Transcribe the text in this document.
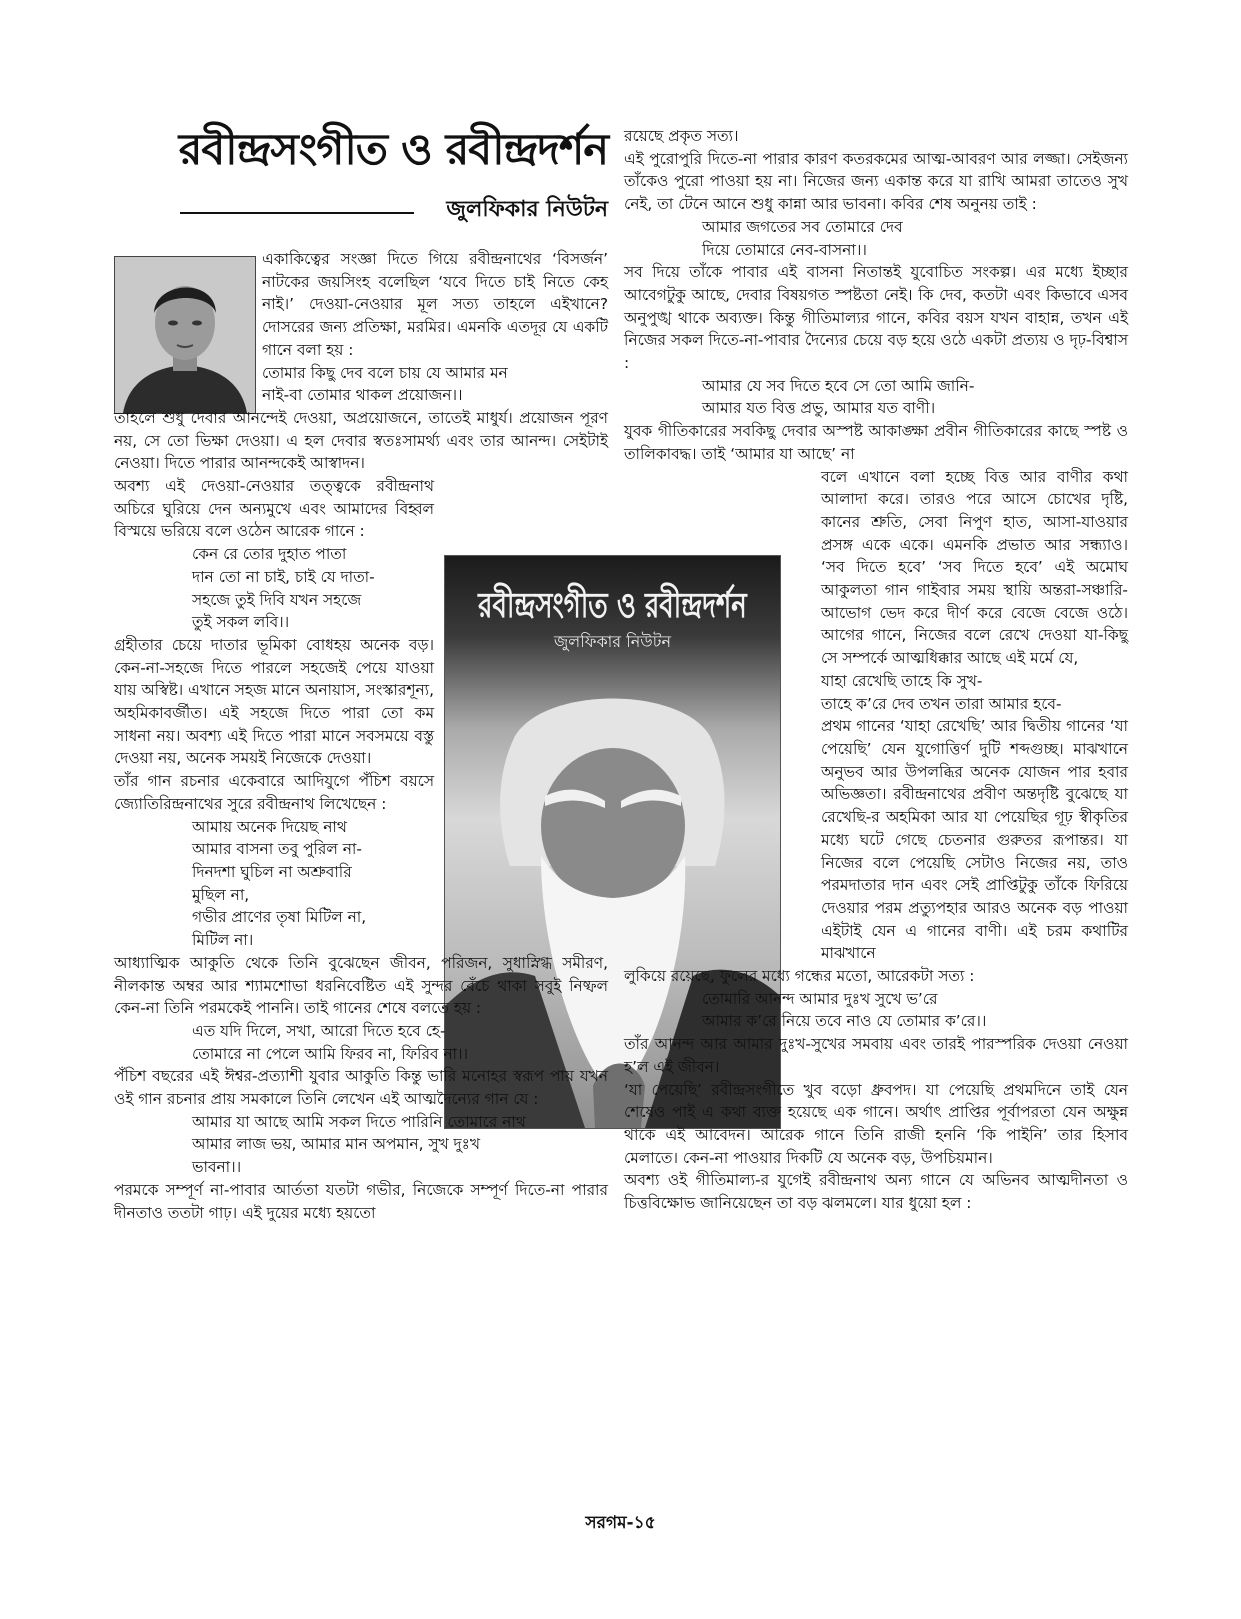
রবীন্দ্রসংগীত ও রবীন্দ্রদর্শন
জুলফিকার নিউটন
রবীন্দ্রসংগীত ও রবীন্দ্রদর্শন
জুলফিকার নিউটন

একাকিত্বের সংজ্ঞা দিতে গিয়ে রবীন্দ্রনাথের ‘বিসর্জন’ নাটকের জয়সিংহ বলেছিল ‘যবে দিতে চাই নিতে কেহ নাই।’ দেওয়া-নেওয়ার মূল সত্য তাহলে এইখানে? দোসরের জন্য প্রতিক্ষা, মরমির। এমনকি এতদূর যে একটি গানে বলা হয় :

তোমার কিছু দেব বলে চায় যে আমার মন

নাই-বা তোমার থাকল প্রয়োজন।।

তাহলে শুধু দেবার আনন্দেই দেওয়া, অপ্রয়োজনে, তাতেই মাধুর্য। প্রয়োজন পূরণ নয়, সে তো ভিক্ষা দেওয়া। এ হল দেবার স্বতঃসামর্থ্য এবং তার আনন্দ। সেইটাই নেওয়া। দিতে পারার আনন্দকেই আস্বাদন।

অবশ্য এই দেওয়া-নেওয়ার তত্ত্বকে রবীন্দ্রনাথ অচিরে ঘুরিয়ে দেন অন্যমুখে এবং আমাদের বিহ্বল বিস্ময়ে ভরিয়ে বলে ওঠেন আরেক গানে :

কেন রে তোর দুহাত পাতা

দান তো না চাই, চাই যে দাতা-

সহজে তুই দিবি যখন সহজে

তুই সকল লবি।।

গ্রহীতার চেয়ে দাতার ভূমিকা বোধহয় অনেক বড়। কেন-না-সহজে দিতে পারলে সহজেই পেয়ে যাওয়া যায় অস্বিষ্ট। এখানে সহজ মানে অনায়াস, সংস্কারশূন্য, অহমিকাবর্জীত। এই সহজে দিতে পারা তো কম সাধনা নয়। অবশ্য এই দিতে পারা মানে সবসময়ে বস্তু দেওয়া নয়, অনেক সময়ই নিজেকে দেওয়া।

তাঁর গান রচনার একেবারে আদিযুগে পঁচিশ বয়সে জ্যোতিরিন্দ্রনাথের সুরে রবীন্দ্রনাথ লিখেছেন :

আমায় অনেক দিয়েছ নাথ

আমার বাসনা তবু পুরিল না-

দিনদশা ঘুচিল না অশ্রুবারি

মুছিল না,

গভীর প্রাণের তৃষা মিটিল না,

মিটিল না।

আধ্যাত্মিক আকুতি থেকে তিনি বুঝেছেন জীবন, পরিজন, সুধাস্নিগ্ধ সমীরণ, নীলকান্ত অম্বর আর শ্যামশোভা ধরনিবেষ্টিত এই সুন্দর বেঁচে থাকা সবুই নিষ্ফল কেন-না তিনি পরমকেই পাননি। তাই গানের শেষে বলতে হয় :

এত যদি দিলে, সখা, আরো দিতে হবে হে-

তোমারে না পেলে আমি ফিরব না, ফিরিব না।।

পঁচিশ বছরের এই ঈশ্বর-প্রত্যাশী যুবার আকুতি কিন্তু ভারি মনোহর স্বরূপ পায় যখন ওই গান রচনার প্রায় সমকালে তিনি লেখেন এই আত্মদৈন্যের গান যে :

আমার যা আছে আমি সকল দিতে পারিনি তোমারে নাথ

আমার লাজ ভয়, আমার মান অপমান, সুখ দুঃখ

ভাবনা।।

পরমকে সম্পূর্ণ না-পাবার আর্ততা যতটা গভীর, নিজেকে সম্পূর্ণ দিতে-না পারার দীনতাও ততটা গাঢ়। এই দুয়ের মধ্যে হয়তো

রয়েছে প্রকৃত সত্য।

এই পুরোপুরি দিতে-না পারার কারণ কতরকমের আত্ম-আবরণ আর লজ্জা। সেইজন্য তাঁকেও পুরো পাওয়া হয় না। নিজের জন্য একান্ত করে যা রাখি আমরা তাতেও সুখ নেই, তা টেনে আনে শুধু কান্না আর ভাবনা। কবির শেষ অনুনয় তাই :

আমার জগতের সব তোমারে দেব

দিয়ে তোমারে নেব-বাসনা।।

সব দিয়ে তাঁকে পাবার এই বাসনা নিতান্তই যুবোচিত সংকল্প। এর মধ্যে ইচ্ছার আবেগটুকু আছে, দেবার বিষয়গত স্পষ্টতা নেই। কি দেব, কতটা এবং কিভাবে এসব অনুপুঙ্খ থাকে অব্যক্ত। কিন্তু গীতিমাল্যর গানে, কবির বয়স যখন বাহান্ন, তখন এই নিজের সকল দিতে-না-পাবার দৈন্যের চেয়ে বড় হয়ে ওঠে একটা প্রত্যয় ও দৃঢ়-বিশ্বাস :

আমার যে সব দিতে হবে সে তো আমি জানি-

আমার যত বিত্ত প্রভু, আমার যত বাণী।

যুবক গীতিকারের সবকিছু দেবার অস্পষ্ট আকাঙ্ক্ষা প্রবীন গীতিকারের কাছে স্পষ্ট ও তালিকাবদ্ধ। তাই ‘আমার যা আছে’ না

বলে এখানে বলা হচ্ছে বিত্ত আর বাণীর কথা আলাদা করে। তারও পরে আসে চোখের দৃষ্টি, কানের শ্রুতি, সেবা নিপুণ হাত, আসা-যাওয়ার প্রসঙ্গ একে একে। এমনকি প্রভাত আর সন্ধ্যাও। ‘সব দিতে হবে’ ‘সব দিতে হবে’ এই অমোঘ আকুলতা গান গাইবার সময় স্থায়ি অন্তরা-সঞ্চারি-আভোগ ভেদ করে দীর্ণ করে বেজে বেজে ওঠে। আগের গানে, নিজের বলে রেখে দেওয়া যা-কিছু সে সম্পর্কে আত্মধিক্কার আছে এই মর্মে যে,

যাহা রেখেছি তাহে কি সুখ-

তাহে ক’রে দেব তখন তারা আমার হবে-

প্রথম গানের ‘যাহা রেখেছি’ আর দ্বিতীয় গানের ‘যা পেয়েছি’ যেন যুগোত্তির্ণ দুটি শব্দগুচ্ছ। মাঝখানে অনুভব আর উপলব্ধির অনেক যোজন পার হবার অভিজ্ঞতা। রবীন্দ্রনাথের প্রবীণ অন্তদৃষ্টি বুঝেছে যা রেখেছি-র অহমিকা আর যা পেয়েছির গূঢ় স্বীকৃতির মধ্যে ঘটে গেছে চেতনার গুরুতর রূপান্তর। যা নিজের বলে পেয়েছি সেটাও নিজের নয়, তাও পরমদাতার দান এবং সেই প্রাপ্তিটুকু তাঁকে ফিরিয়ে দেওয়ার পরম প্রত্যুপহার আরও অনেক বড় পাওয়া এইটাই যেন এ গানের বাণী। এই চরম কথাটির মাঝখানে

লুকিয়ে রয়েছে, ফুলের মধ্যে গন্ধের মতো, আরেকটা সত্য :

তোমারি আনন্দ আমার দুঃখ সুখে ভ’রে

আমার ক’রে নিয়ে তবে নাও যে তোমার ক’রে।।

তাঁর আনন্দ আর আমার দুঃখ-সুখের সমবায় এবং তারই পারস্পরিক দেওয়া নেওয়া হ’ল এই জীবন।

‘যা পেয়েছি’ রবীন্দ্রসংগীতে খুব বড়ো ধ্রুবপদ। যা পেয়েছি প্রথমদিনে তাই যেন শেষেও পাই এ কথা ব্যক্ত হয়েছে এক গানে। অর্থাৎ প্রাপ্তির পূর্বাপরতা যেন অক্ষুন্ন থাকে এই আবেদন। আরেক গানে তিনি রাজী হননি ‘কি পাইনি’ তার হিসাব মেলাতে। কেন-না পাওয়ার দিকটি যে অনেক বড়, উপচিয়মান।

অবশ্য ওই গীতিমাল্য-র যুগেই রবীন্দ্রনাথ অন্য গানে যে অভিনব আত্মদীনতা ও চিত্তবিক্ষোভ জানিয়েছেন তা বড় ঝলমলে। যার ধুয়ো হল :

সরগম-১৫
